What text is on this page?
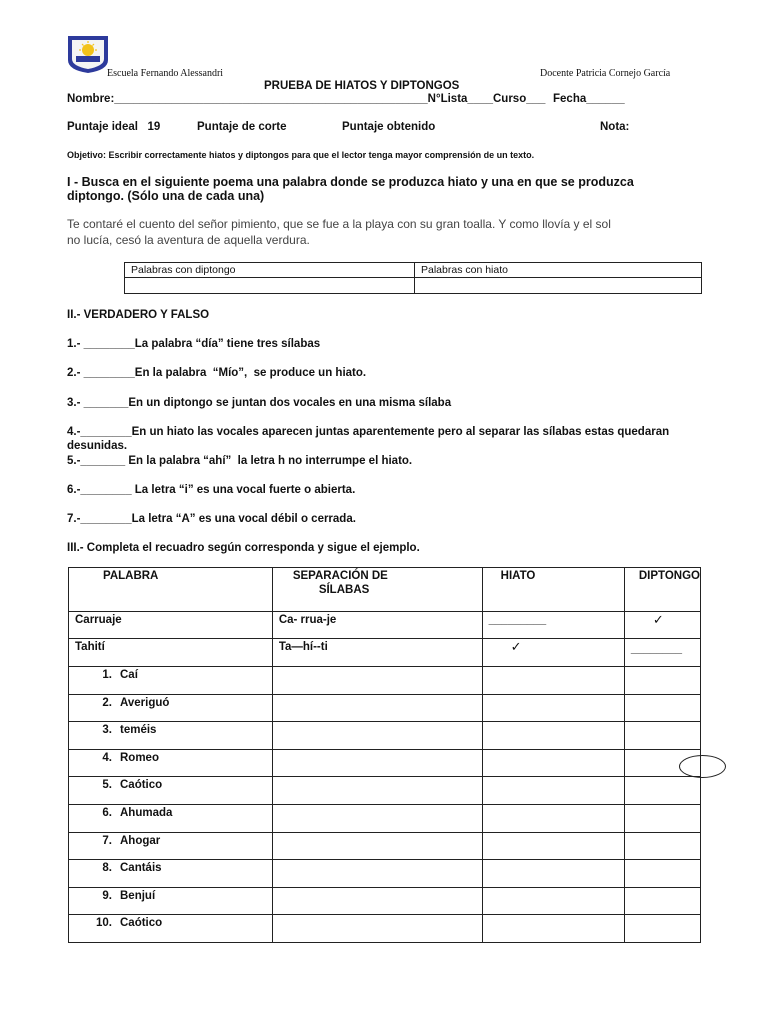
Escuela Fernando Alessandri	Docente Patricia Cornejo García
PRUEBA DE HIATOS Y DIPTONGOS
Nombre:_________________________________________________N°Lista____Curso___ Fecha______
Puntaje ideal   19	Puntaje de corte	Puntaje obtenido	Nota:
Objetivo: Escribir correctamente hiatos y diptongos para que el lector tenga mayor comprensión de un texto.
I - Busca en el siguiente poema una palabra donde se produzca hiato y una en que se produzca
diptongo. (Sólo una de cada una)
Te contaré el cuento del señor pimiento, que se fue a la playa con su gran toalla. Y como llovía y el sol
no lucía, cesó la aventura de aquella verdura.
Palabras con diptongo	Palabras con hiato

II.- VERDADERO Y FALSO
1.- ________La palabra “día” tiene tres sílabas
2.- ________En la palabra  “Mío”,  se produce un hiato.
3.- _______En un diptongo se juntan dos vocales en una misma sílaba
4.-________En un hiato las vocales aparecen juntas aparentemente pero al separar las sílabas estas quedaran
desunidas.
5.-_______ En la palabra “ahí”  la letra h no interrumpe el hiato.
6.-________ La letra “i” es una vocal fuerte o abierta.
7.-________La letra “A” es una vocal débil o cerrada.
III.- Completa el recuadro según corresponda y sigue el ejemplo.
PALABRA	SEPARACIÓN DE
SÍLABAS	HIATO	DIPTONGO
Carruaje	Ca- rrua-je	_________	✓
Tahití	Ta—hí--ti	✓	________
1. Caí			
2. Averiguó			
3. teméis			
4. Romeo			
5. Caótico			
6. Ahumada			
7. Ahogar			
8. Cantáis			
9. Benjuí			
10. Caótico			
